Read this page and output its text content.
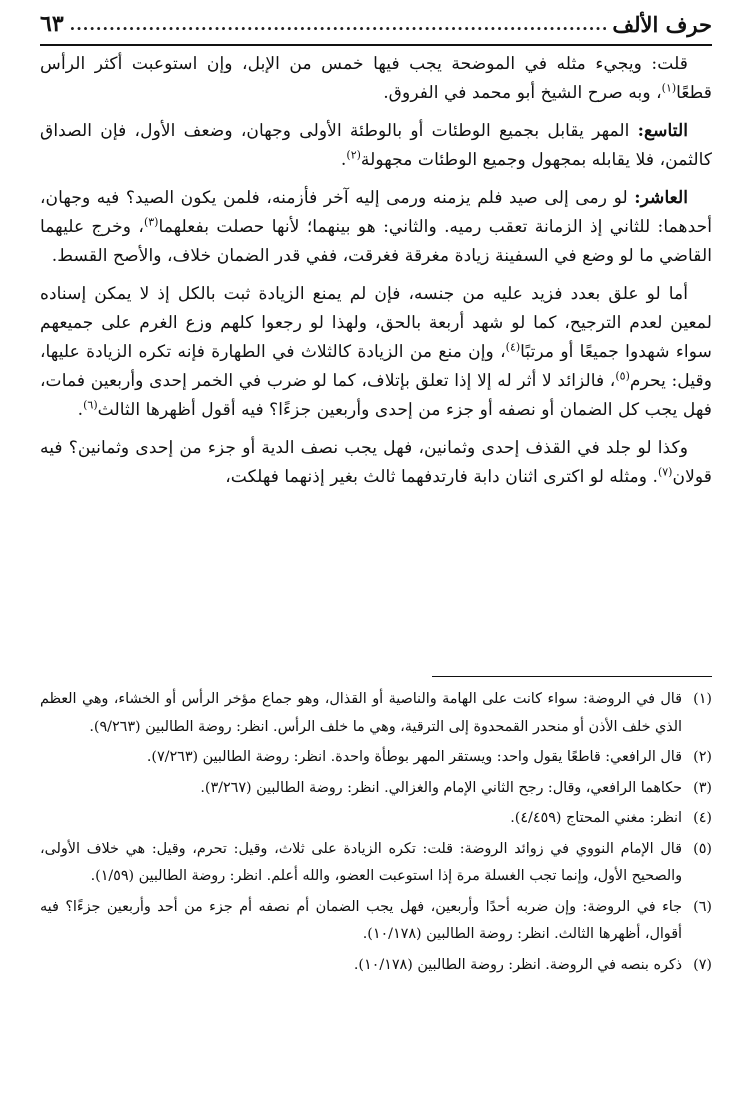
حرف الألف
.....
٦٣

قلت: ويجيء مثله في الموضحة يجب فيها خمس من الإبل، وإن استوعبت أكثر الرأس قطعًا$^{(١)}$، وبه صرح الشيخ أبو محمد في الفروق.

التاسع: المهر يقابل بجميع الوطئات أو بالوطئة الأولى وجهان، وضعف الأول، فإن الصداق كالثمن، فلا يقابله بمجهول وجميع الوطئات مجهولة$^{(٢)}$.

العاشر: لو رمى إلى صيد فلم يزمنه ورمى إليه آخر فأزمنه، فلمن يكون الصيد؟ فيه وجهان، أحدهما: للثاني إذ الزمانة تعقب رميه. والثاني: هو بينهما؛ لأنها حصلت بفعلهما$^{(٣)}$، وخرج عليهما القاضي ما لو وضع في السفينة زيادة مغرقة فغرقت، ففي قدر الضمان خلاف، والأصح القسط.

أما لو علق بعدد فزيد عليه من جنسه، فإن لم يمنع الزيادة ثبت بالكل إذ لا يمكن إسناده لمعين لعدم الترجيح، كما لو شهد أربعة بالحق، ولهذا لو رجعوا كلهم وزع الغرم على جميعهم سواء شهدوا جميعًا أو مرتبًا$^{(٤)}$، وإن منع من الزيادة كالثلاث في الطهارة فإنه تكره الزيادة عليها، وقيل: يحرم$^{(٥)}$، فالزائد لا أثر له إلا إذا تعلق بإتلاف، كما لو ضرب في الخمر إحدى وأربعين فمات، فهل يجب كل الضمان أو نصفه أو جزء من إحدى وأربعين جزءًا؟ فيه أقول أظهرها الثالث$^{(٦)}$.

وكذا لو جلد في القذف إحدى وثمانين، فهل يجب نصف الدية أو جزء من إحدى وثمانين؟ فيه قولان$^{(٧)}$. ومثله لو اكترى اثنان دابة فارتدفهما ثالث بغير إذنهما فهلكت،

(١)قال في الروضة: سواء كانت على الهامة والناصية أو القذال، وهو جماع مؤخر الرأس أو الخشاء، وهي العظم الذي خلف الأذن أو منحدر القمحدوة إلى الترقية، وهي ما خلف الرأس. انظر: روضة الطالبين (٩/٢٦٣).
(٢)قال الرافعي: قاطعًا يقول واحد: ويستقر المهر بوطأة واحدة. انظر: روضة الطالبين (٧/٢٦٣).
(٣)حكاهما الرافعي، وقال: رجح الثاني الإمام والغزالي. انظر: روضة الطالبين (٣/٢٦٧).
(٤)انظر: مغني المحتاج (٤/٤٥٩).
(٥)قال الإمام النووي في زوائد الروضة: قلت: تكره الزيادة على ثلاث، وقيل: تحرم، وقيل: هي خلاف الأولى، والصحيح الأول، وإنما تجب الغسلة مرة إذا استوعبت العضو، والله أعلم. انظر: روضة الطالبين (١/٥٩).
(٦)جاء في الروضة: وإن ضربه أحدًا وأربعين، فهل يجب الضمان أم نصفه أم جزء من أحد وأربعين جزءًا؟ فيه أقوال، أظهرها الثالث. انظر: روضة الطالبين (١٠/١٧٨).
(٧)ذكره بنصه في الروضة. انظر: روضة الطالبين (١٠/١٧٨).
